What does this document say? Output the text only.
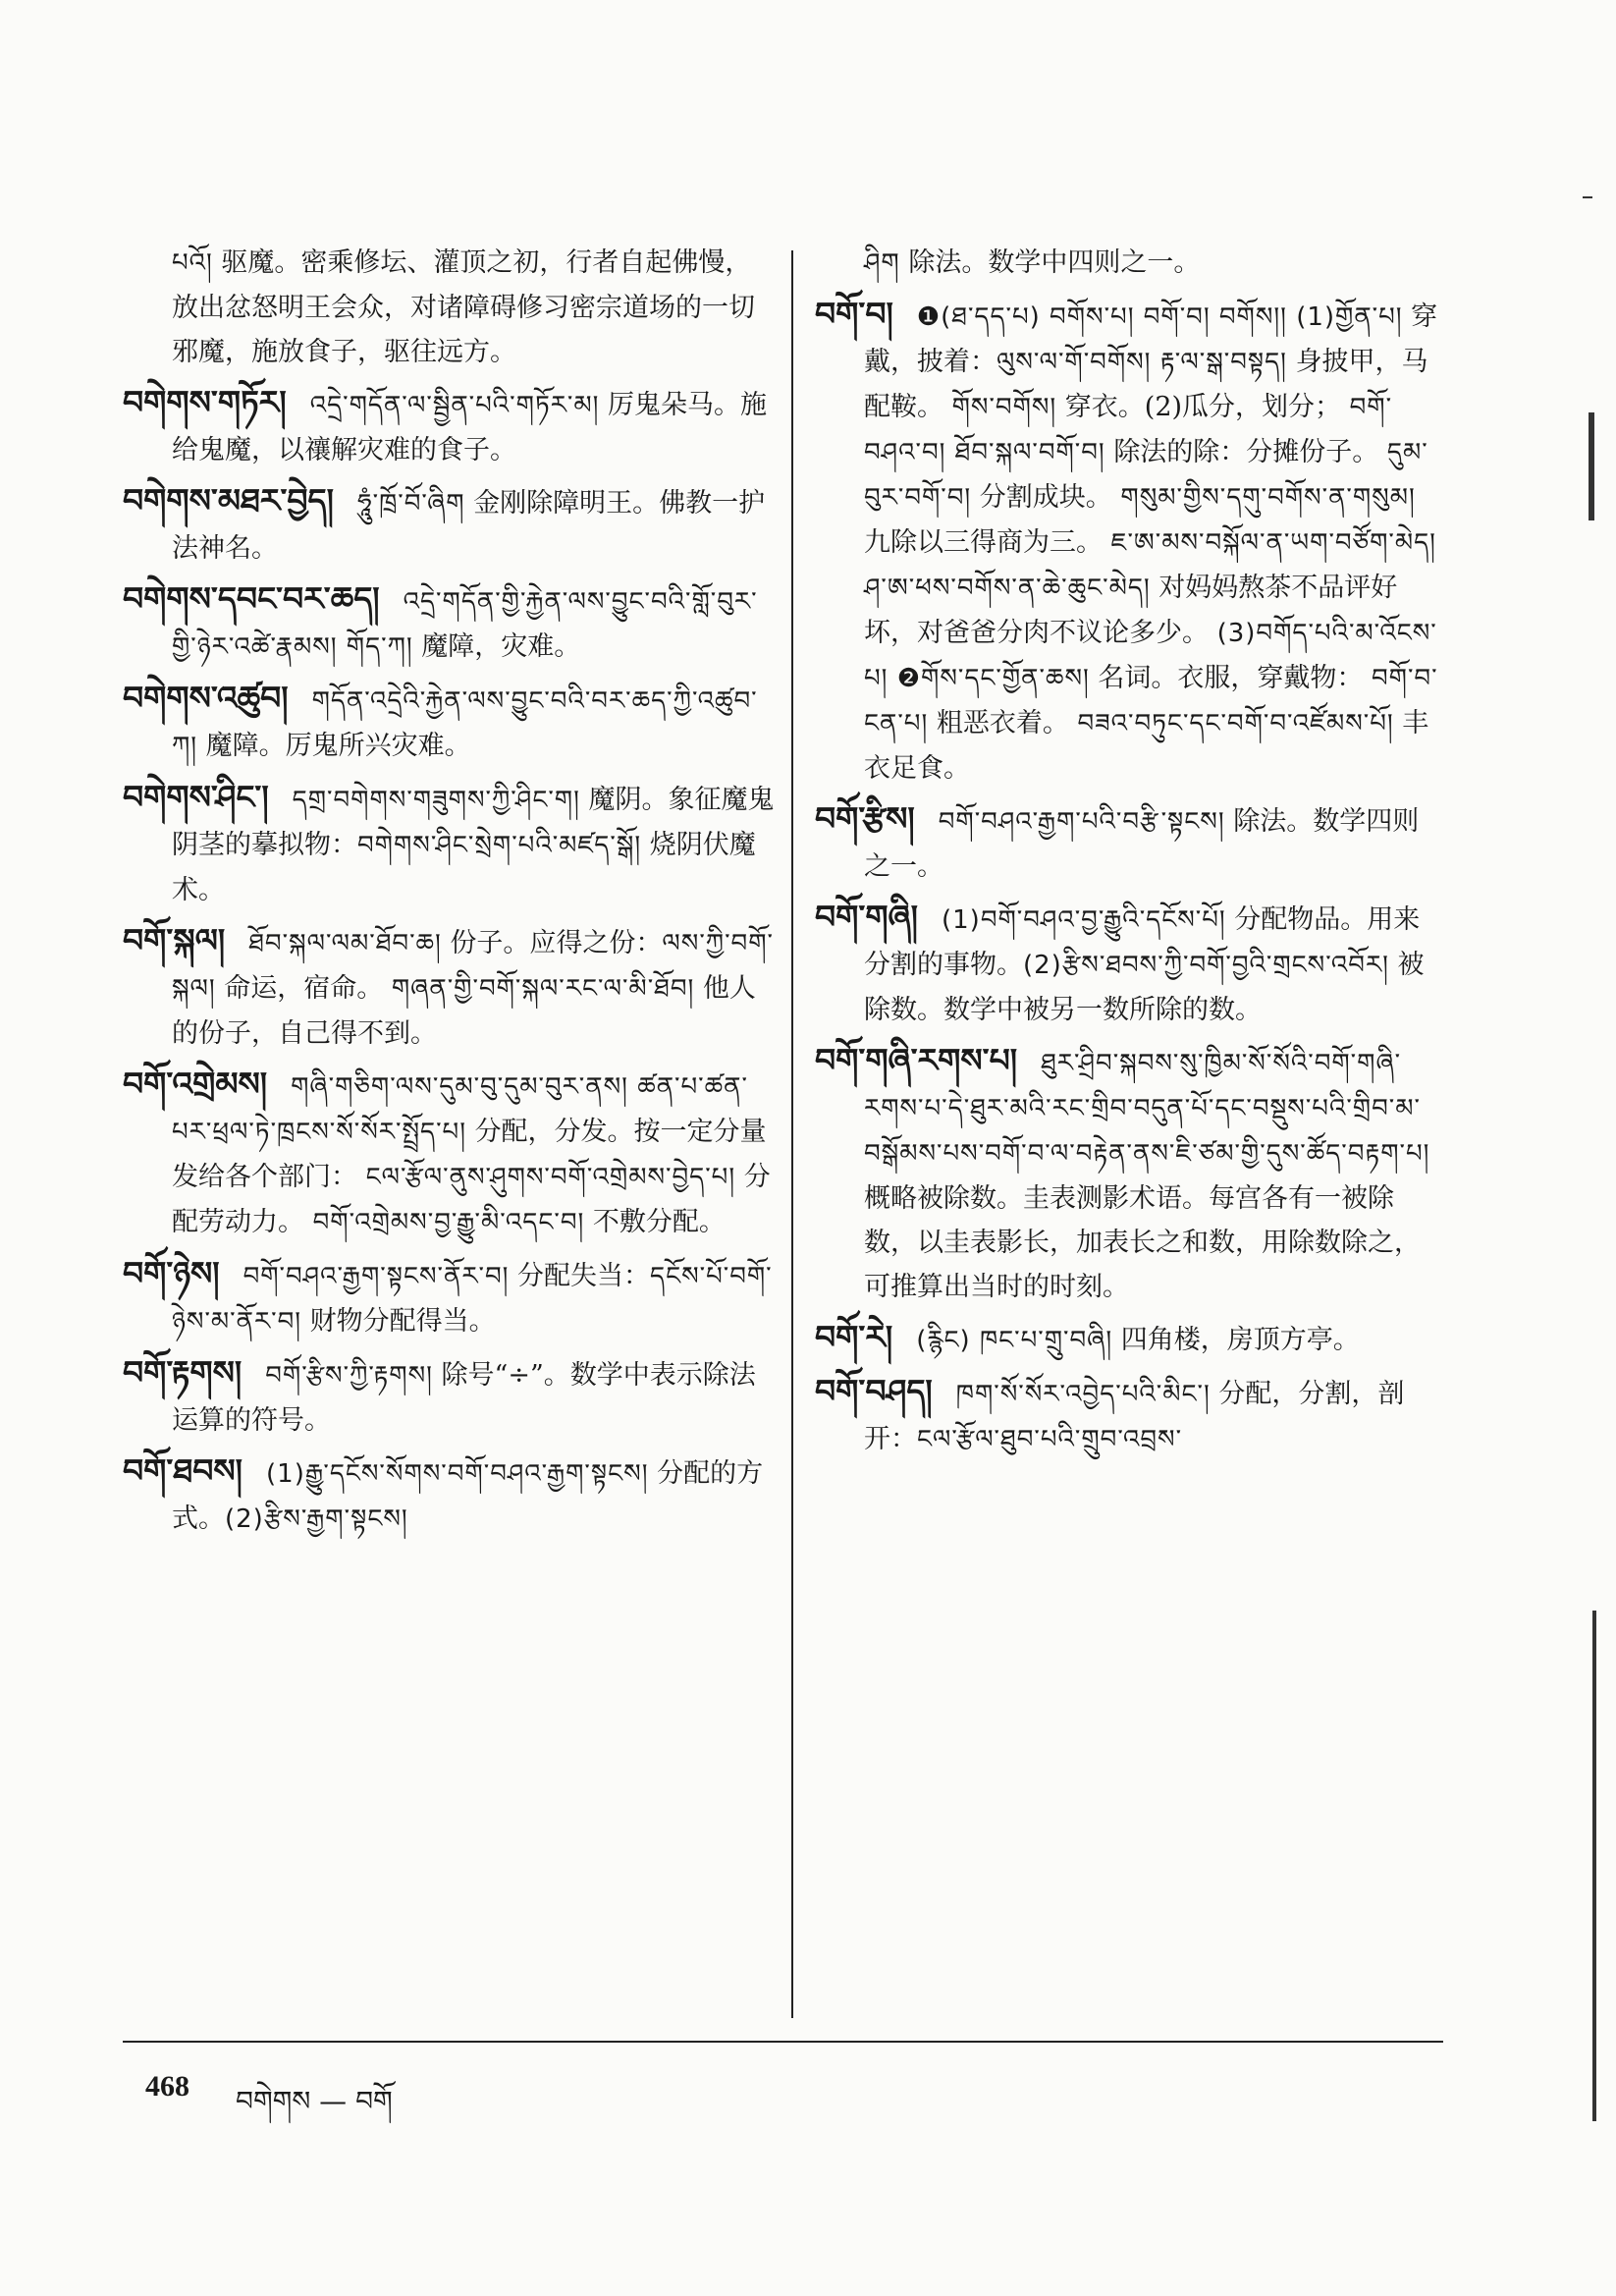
པའོ། 驱魔。密乘修坛、灌顶之初，行者自起佛慢，放出忿怒明王会众，对诸障碍修习密宗道场的一切邪魔，施放食子，驱往远方。
བགེགས་གཏོར། འདྲེ་གདོན་ལ་སྦྱིན་པའི་གཏོར་མ། 厉鬼朵马。施给鬼魔，以禳解灾难的食子。
བགེགས་མཐར་བྱེད། ཧཱུཾ་ཁྲོ་བོ་ཞིག 金刚除障明王。佛教一护法神名。
བགེགས་དབང་བར་ཆད། འདྲེ་གདོན་གྱི་རྐྱེན་ལས་བྱུང་བའི་གློ་བུར་གྱི་ཉེར་འཚེ་རྣམས། གོད་ཀ། 魔障，灾难。
བགེགས་འཚུབ། གདོན་འདྲེའི་རྐྱེན་ལས་བྱུང་བའི་བར་ཆད་ཀྱི་འཚུབ་ཀ། 魔障。厉鬼所兴灾难。
བགེགས་ཤིང་། དགྲ་བགེགས་གཟུགས་ཀྱི་ཤིང་ག། 魔阴。象征魔鬼阴茎的摹拟物：བགེགས་ཤིང་སྲེག་པའི་མཛད་སྒོ། 烧阴伏魔术。
བགོ་སྐལ། ཐོབ་སྐལ་ལམ་ཐོབ་ཆ། 份子。应得之份：ལས་ཀྱི་བགོ་སྐལ། 命运，宿命。 གཞན་གྱི་བགོ་སྐལ་རང་ལ་མི་ཐོབ། 他人的份子，自己得不到。
བགོ་འགྲེམས། གཞི་གཅིག་ལས་དུམ་བུ་དུམ་བུར་ནས། ཚན་པ་ཚན་པར་ཕྲལ་ཏེ་ཁྲངས་སོ་སོར་སྤྲོད་པ། 分配，分发。按一定分量发给各个部门： ངལ་རྩོལ་ནུས་ཤུགས་བགོ་འགྲེམས་བྱེད་པ། 分配劳动力。 བགོ་འགྲེམས་བྱ་རྒྱུ་མི་འདང་བ། 不敷分配。
བགོ་ཉེས། བགོ་བཤའ་རྒྱག་སྟངས་ནོར་བ། 分配失当：དངོས་པོ་བགོ་ཉེས་མ་ནོར་བ། 财物分配得当。
བགོ་རྟགས། བགོ་རྩིས་ཀྱི་རྟགས། 除号“÷”。数学中表示除法运算的符号。
བགོ་ཐབས། (1)རྒྱུ་དངོས་སོགས་བགོ་བཤའ་རྒྱག་སྟངས། 分配的方式。(2)རྩིས་རྒྱག་སྟངས།
ཤིག 除法。数学中四则之一。
བགོ་བ། ❶(ཐ་དད་པ) བགོས་པ། བགོ་བ། བགོས།། (1)གྱོན་པ། 穿戴，披着：ལུས་ལ་གོ་བགོས། རྟ་ལ་སྒ་བསྟད། 身披甲，马配鞍。 གོས་བགོས། 穿衣。(2)瓜分，划分； བགོ་བཤའ་བ། ཐོབ་སྐལ་བགོ་བ། 除法的除：分摊份子。 དུམ་བུར་བགོ་བ། 分割成块。 གསུམ་གྱིས་དགུ་བགོས་ན་གསུམ། 九除以三得商为三。 ཇ་ཨ་མས་བསྐོལ་ན་ཡག་བཙོག་མེད། ཤ་ཨ་ཕས་བགོས་ན་ཆེ་ཆུང་མེད། 对妈妈熬茶不品评好坏，对爸爸分肉不议论多少。 (3)བགོད་པའི་མ་འོངས་པ། ❷གོས་དང་གྱོན་ཆས། 名词。衣服，穿戴物： བགོ་བ་ངན་པ། 粗恶衣着。 བཟའ་བཏུང་དང་བགོ་བ་འཛོམས་པོ། 丰衣足食。
བགོ་རྩིས། བགོ་བཤའ་རྒྱག་པའི་བརྩི་སྟངས། 除法。数学四则之一。
བགོ་གཞི། (1)བགོ་བཤའ་བྱ་རྒྱུའི་དངོས་པོ། 分配物品。用来分割的事物。(2)རྩིས་ཐབས་ཀྱི་བགོ་བྱའི་གྲངས་འབོར། 被除数。数学中被另一数所除的数。
བགོ་གཞི་རགས་པ། ཐུར་ཤྲིབ་སྐབས་སུ་ཁྱིམ་སོ་སོའི་བགོ་གཞི་རགས་པ་དེ་ཐུར་མའི་རང་གྲིབ་བདུན་པོ་དང་བསྡུས་པའི་གྲིབ་མ་བསྒོམས་པས་བགོ་བ་ལ་བརྟེན་ནས་ཇི་ཙམ་གྱི་དུས་ཚོད་བརྟག་པ། 概略被除数。圭表测影术语。每宫各有一被除数，以圭表影长，加表长之和数，用除数除之，可推算出当时的时刻。
བགོ་རེ། (རྙིང) ཁང་པ་གྲུ་བཞི། 四角楼，房顶方亭。
བགོ་བཤད། ཁག་སོ་སོར་འབྱེད་པའི་མིང་། 分配，分割，剖开：ངལ་རྩོལ་ཐུབ་པའི་གྲུབ་འབྲས་
468 བགེགས — བགོ
